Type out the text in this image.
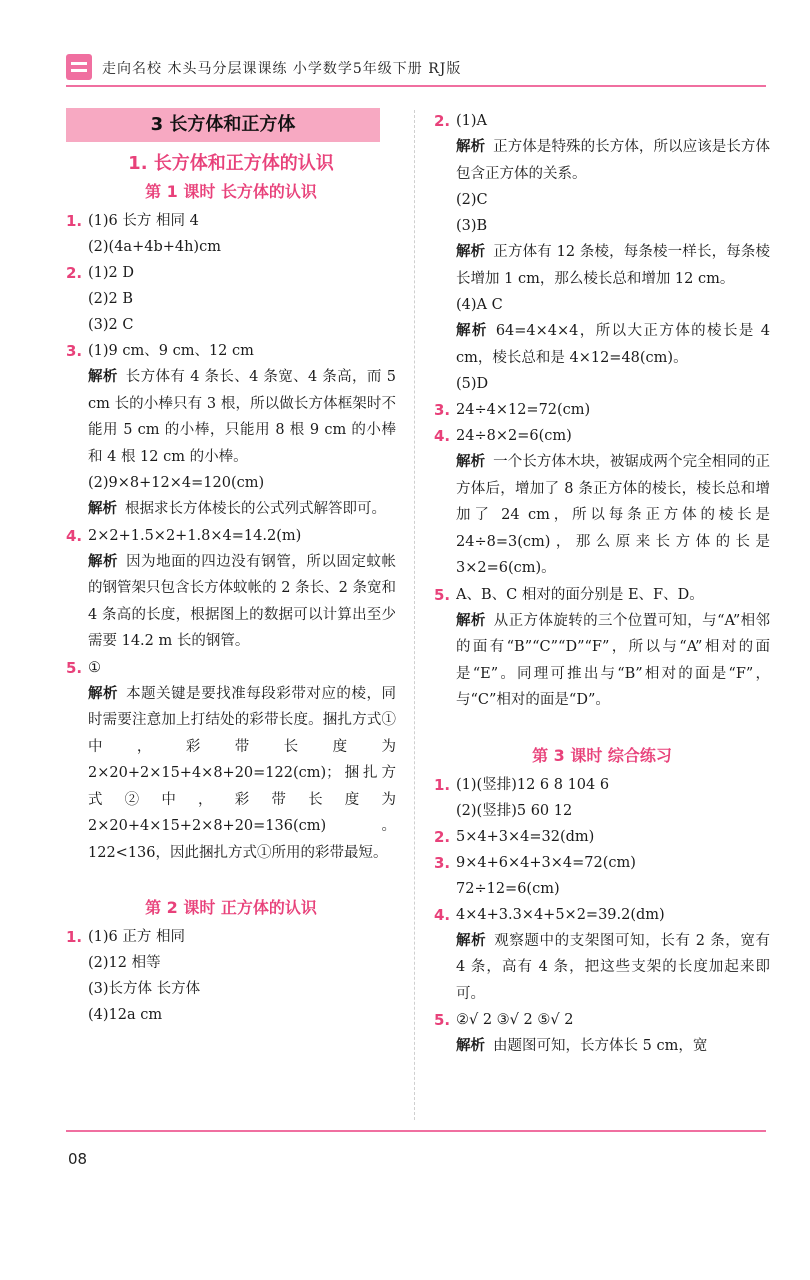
走向名校 木头马分层课课练 小学数学5年级下册 RJ版
3 长方体和正方体
1. 长方体和正方体的认识
第 1 课时 长方体的认识
1. (1)6 长方 相同 4
(2)(4a+4b+4h)cm
2. (1)2 D
(2)2 B
(3)2 C
3. (1)9 cm、9 cm、12 cm
解析 长方体有 4 条长、4 条宽、4 条高，而 5 cm 长的小棒只有 3 根，所以做长方体框架时不能用 5 cm 的小棒，只能用 8 根 9 cm 的小棒和 4 根 12 cm 的小棒。
(2)9×8+12×4=120(cm)
解析 根据求长方体棱长的公式列式解答即可。
4. 2×2+1.5×2+1.8×4=14.2(m)
解析 因为地面的四边没有钢管，所以固定蚊帐的钢管架只包含长方体蚊帐的 2 条长、2 条宽和 4 条高的长度，根据图上的数据可以计算出至少需要 14.2 m 长的钢管。
5. ①
解析 本题关键是要找准每段彩带对应的棱，同时需要注意加上打结处的彩带长度。捆扎方式①中，彩带长度为 2×20+2×15+4×8+20=122(cm)；捆扎方式②中，彩带长度为 2×20+4×15+2×8+20=136(cm)。122<136，因此捆扎方式①所用的彩带最短。
第 2 课时 正方体的认识
1. (1)6 正方 相同
(2)12 相等
(3)长方体 长方体
(4)12a cm
2. (1)A
解析 正方体是特殊的长方体，所以应该是长方体包含正方体的关系。
(2)C
(3)B
解析 正方体有 12 条棱，每条棱一样长，每条棱长增加 1 cm，那么棱长总和增加 12 cm。
(4)A C
解析 64=4×4×4，所以大正方体的棱长是 4 cm，棱长总和是 4×12=48(cm)。
(5)D
3. 24÷4×12=72(cm)
4. 24÷8×2=6(cm)
解析 一个长方体木块，被锯成两个完全相同的正方体后，增加了 8 条正方体的棱长，棱长总和增加了 24 cm，所以每条正方体的棱长是 24÷8=3(cm)，那么原来长方体的长是 3×2=6(cm)。
5. A、B、C 相对的面分别是 E、F、D。
解析 从正方体旋转的三个位置可知，与“A”相邻的面有“B”“C”“D”“F”，所以与“A”相对的面是“E”。同理可推出与“B”相对的面是“F”，与“C”相对的面是“D”。
第 3 课时 综合练习
1. (1)(竖排)12 6 8 104 6
(2)(竖排)5 60 12
2. 5×4+3×4=32(dm)
3. 9×4+6×4+3×4=72(cm)
72÷12=6(cm)
4. 4×4+3.3×4+5×2=39.2(dm)
解析 观察题中的支架图可知，长有 2 条，宽有 4 条，高有 4 条，把这些支架的长度加起来即可。
5. ②√ 2 ③√ 2 ⑤√ 2
解析 由题图可知，长方体长 5 cm，宽
08
